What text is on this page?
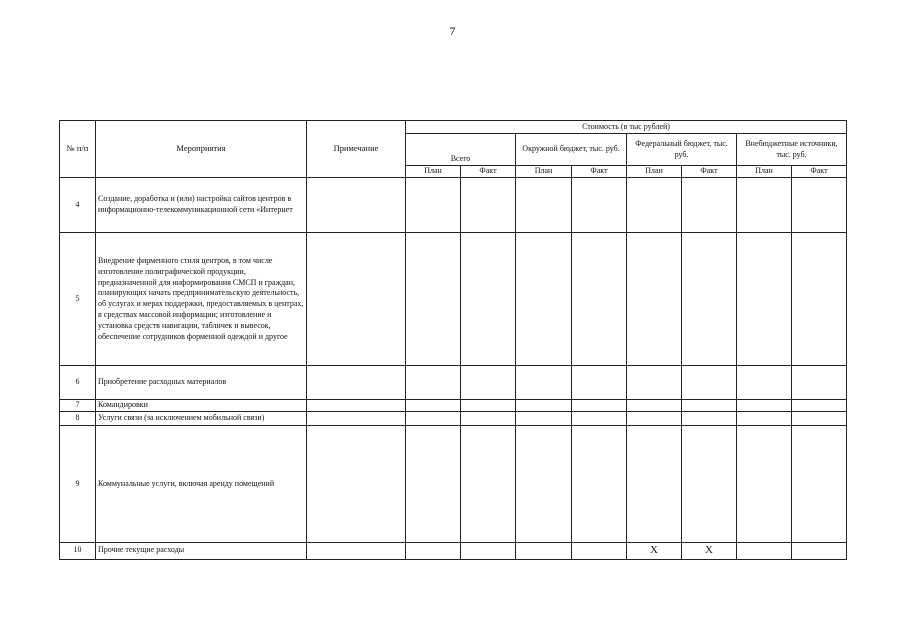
7
№ п/п	Мероприятия	Примечание	Стоимость (в тыс рублей)							
			Всего		Окружной бюджет, тыс. руб.		Федеральный бюджет, тыс. руб.		Внебюджетные источники, тыс. руб.	
			План	Факт	План	Факт	План	Факт	План	Факт
4	Создание, доработка и (или) настройка сайтов центров в информационно-телекоммуникационной сети «Интернет									
5	Внедрение фирменного стиля центров, в том числе изготовление полиграфической продукции, предназначенной для информирования СМСП и граждан, планирующих начать предпринимательскую деятельность, об услугах и мерах поддержки, предоставляемых в центрах, в средствах массовой информации; изготовление и установка средств навигации, табличек и вывесок, обеспечение сотрудников форменной одеждой и другое									
6	Приобретение расходных материалов									
7	Командировки									
8	Услуги связи (за исключением мобильной связи)									
9	Коммунальные услуги, включая аренду помещений									
10	Прочие текущие расходы						X	X		
